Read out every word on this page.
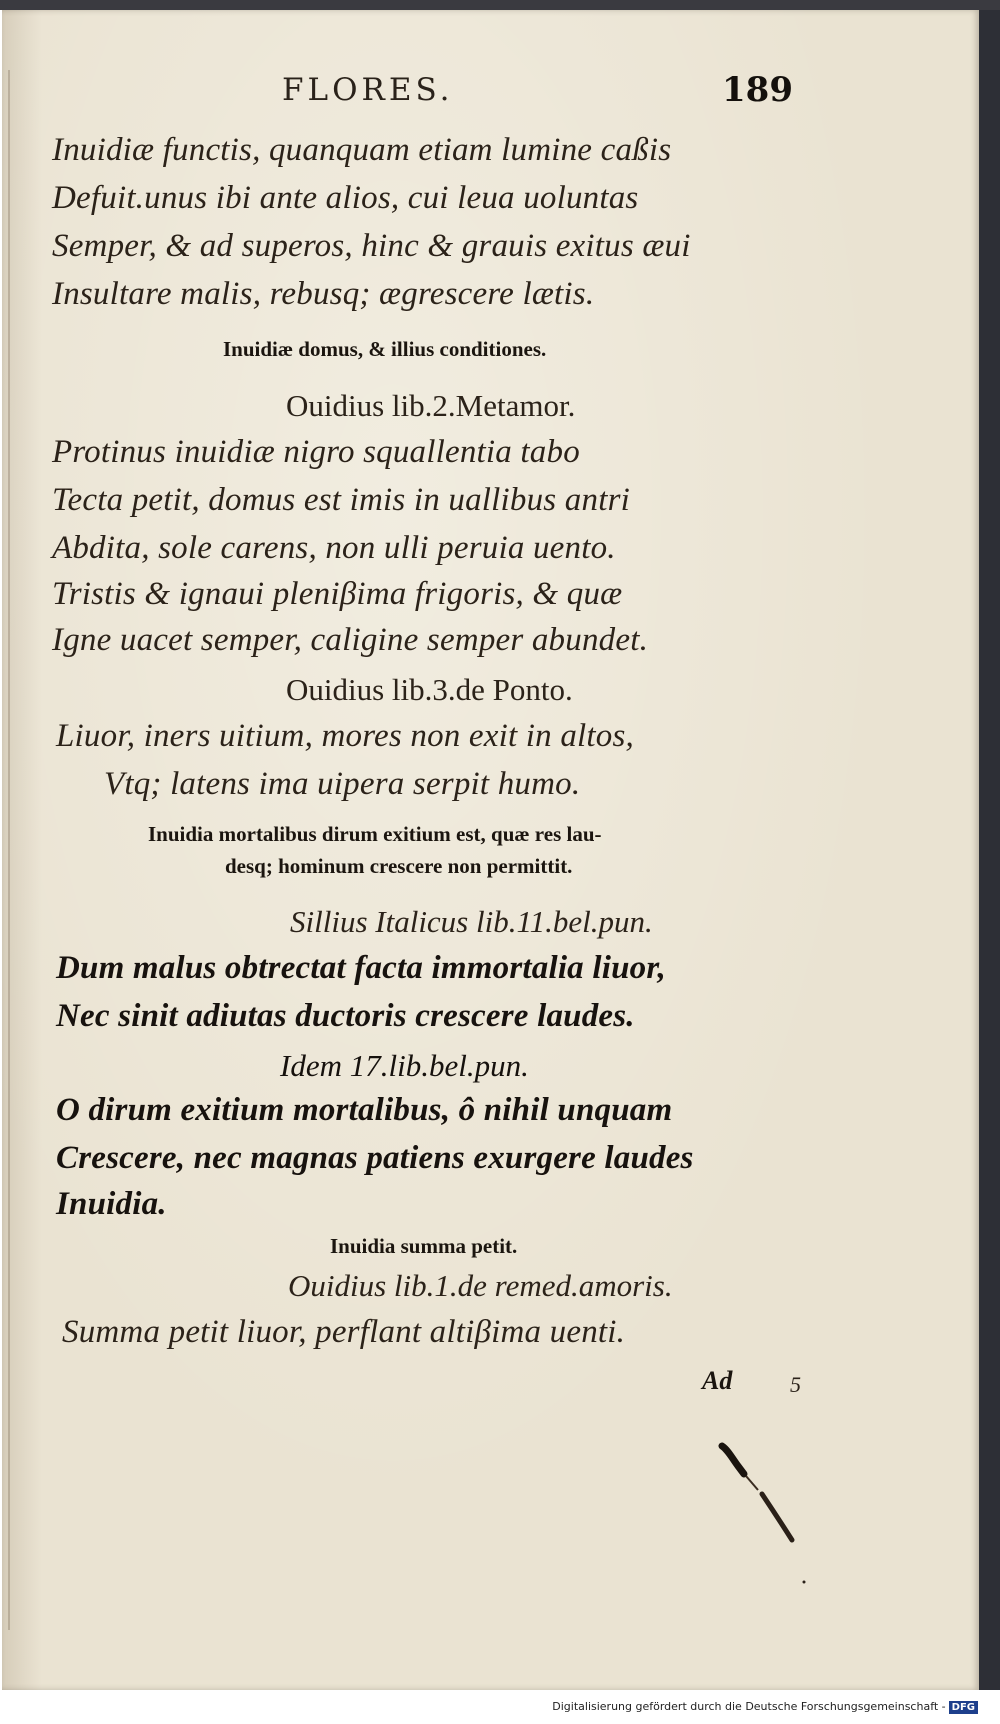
FLORES.	189
Inuidiæ functis, quanquam etiam lumine caßis
Defuit.unus ibi ante alios, cui leua uoluntas
Semper, & ad superos, hinc & grauis exitus æui
Insultare malis, rebusq; ægrescere lætis.
Inuidiæ domus, & illius conditiones.
Ouidius lib.2.Metamor.
Protinus inuidiæ nigro squallentia tabo
Tecta petit, domus est imis in uallibus antri
Abdita, sole carens, non ulli peruia uento.
Tristis & ignaui pleniβima frigoris, & quæ
Igne uacet semper, caligine semper abundet.
Ouidius lib.3.de Ponto.
Liuor, iners uitium, mores non exit in altos,
Vtq; latens ima uipera serpit humo.
Inuidia mortalibus dirum exitium est, quæ res lau-
desq; hominum crescere non permittit.
Sillius Italicus lib.11.bel.pun.
Dum malus obtrectat facta immortalia liuor,
Nec sinit adiutas ductoris crescere laudes.
Idem 17.lib.bel.pun.
O dirum exitium mortalibus, ô nihil unquam
Crescere, nec magnas patiens exurgere laudes
Inuidia.
Inuidia summa petit.
Ouidius lib.1.de remed.amoris.
Summa petit liuor, perflant altiβima uenti.
Ad	5
Digitalisierung gefördert durch die Deutsche Forschungsgemeinschaft - DFG
